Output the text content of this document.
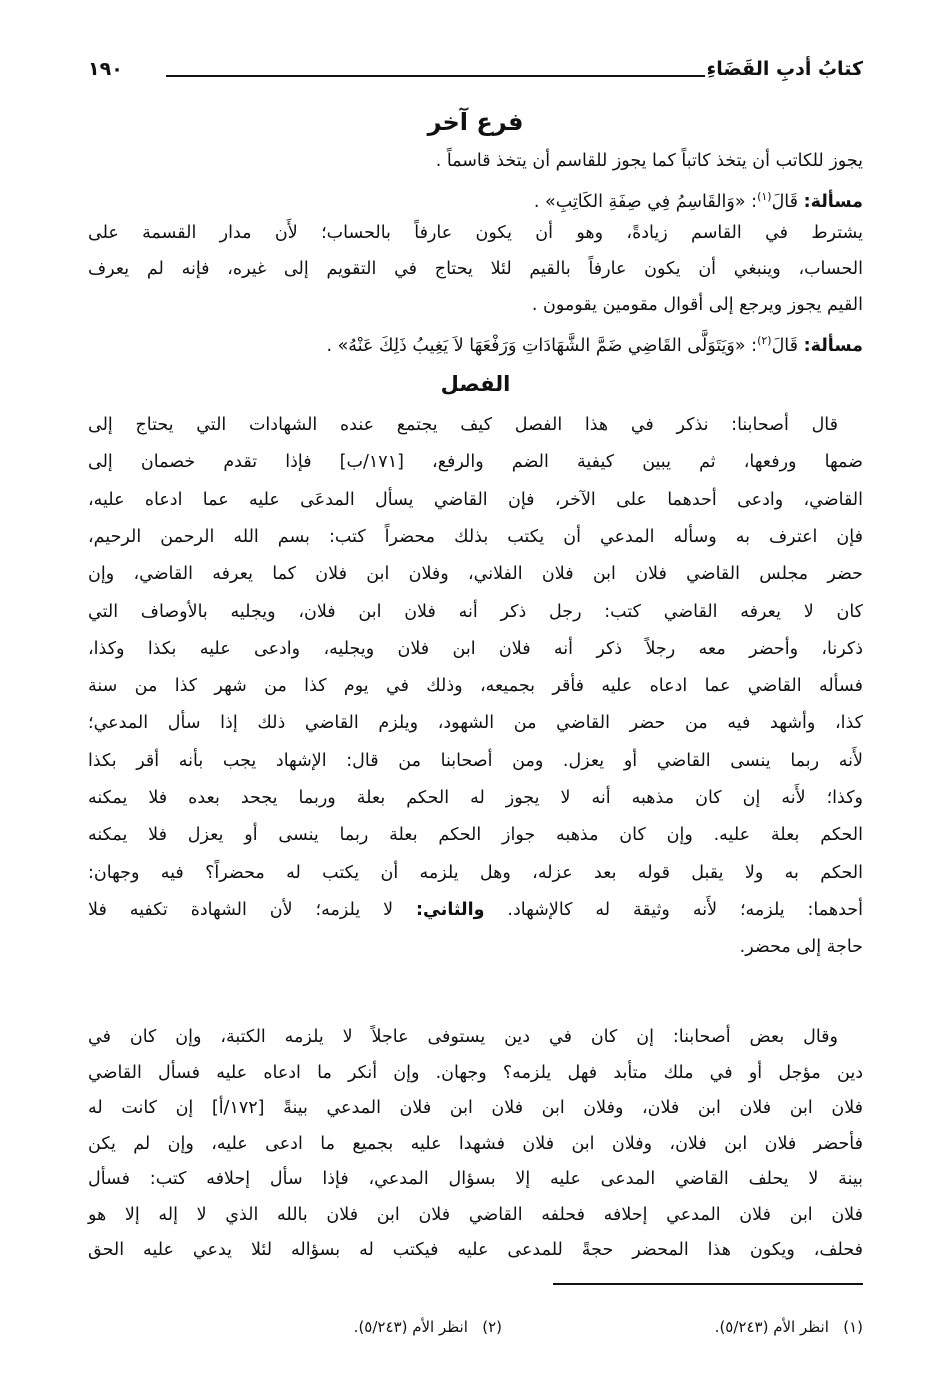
كتابُ أدبِ القَضَاءِ
١٩٠
فرع آخر
يجوز للكاتب أن يتخذ كاتباً كما يجوز للقاسم أن يتخذ قاسماً .
مسألة: قَالَ$^{(١)}$: «وَالقَاسِمُ فِي صِفَةِ الكَاتِبِ» .
يشترط في القاسم زيادةً، وهو أن يكون عارفاً بالحساب؛ لأَن مدار القسمة على
الحساب، وينبغي أن يكون عارفاً بالقيم لئلا يحتاج في التقويم إلى غيره، فإنه لم يعرف
القيم يجوز ويرجع إلى أقوال مقومين يقومون .
مسألة: قَالَ$^{(٢)}$: «وَيَتَوَلَّى القَاضِي ضَمَّ الشَّهَادَاتِ وَرَفْعَهَا لاَ يَغِيبُ ذَلِكَ عَنْهُ» .
الفصل
قال أصحابنا: نذكر في هذا الفصل كيف يجتمع عنده الشهادات التي يحتاج إلى
ضمها ورفعها، ثم يبين كيفية الضم والرفع، [١٧١/ب] فإذا تقدم خصمان إلى
القاضي، وادعى أحدهما على الآخر، فإن القاضي يسأل المدعَى عليه عما ادعاه عليه،
فإن اعترف به وسأله المدعي أن يكتب بذلك محضراً كتب: بسم الله الرحمن الرحيم،
حضر مجلس القاضي فلان ابن فلان الفلاني، وفلان ابن فلان كما يعرفه القاضي، وإن
كان لا يعرفه القاضي كتب: رجل ذكر أنه فلان ابن فلان، ويجليه بالأوصاف التي
ذكرنا، وأحضر معه رجلاً ذكر أنه فلان ابن فلان ويجليه، وادعى عليه بكذا وكذا،
فسأله القاضي عما ادعاه عليه فأقر بجميعه، وذلك في يوم كذا من شهر كذا من سنة
كذا، وأشهد فيه من حضر القاضي من الشهود، ويلزم القاضي ذلك إذا سأل المدعي؛
لأَنه ربما ينسى القاضي أو يعزل. ومن أصحابنا من قال: الإشهاد يجب بأنه أقر بكذا
وكذا؛ لأَنه إن كان مذهبه أنه لا يجوز له الحكم بعلة وربما يجحد بعده فلا يمكنه
الحكم بعلة عليه. وإن كان مذهبه جواز الحكم بعلة ربما ينسى أو يعزل فلا يمكنه
الحكم به ولا يقبل قوله بعد عزله، وهل يلزمه أن يكتب له محضراً؟ فيه وجهان:
أحدهما: يلزمه؛ لأَنه وثيقة له كالإشهاد. والثاني: لا يلزمه؛ لأن الشهادة تكفيه فلا
حاجة إلى محضر.
وقال بعض أصحابنا: إن كان في دين يستوفى عاجلاً لا يلزمه الكتبة، وإن كان في
دين مؤجل أو في ملك متأبد فهل يلزمه؟ وجهان. وإن أنكر ما ادعاه عليه فسأل القاضي
فلان ابن فلان ابن فلان، وفلان ابن فلان ابن فلان المدعي بينةً [١٧٢/أ] إن كانت له
فأحضر فلان ابن فلان، وفلان ابن فلان فشهدا عليه بجميع ما ادعى عليه، وإن لم يكن
بينة لا يحلف القاضي المدعى عليه إلا بسؤال المدعي، فإذا سأل إحلافه كتب: فسأل
فلان ابن فلان المدعي إحلافه فحلفه القاضي فلان ابن فلان بالله الذي لا إله إلا هو
فحلف، ويكون هذا المحضر حجةً للمدعى عليه فيكتب له بسؤاله لئلا يدعي عليه الحق
(١)   انظر الأم (٥/٢٤٣).
(٢)   انظر الأم (٥/٢٤٣).
